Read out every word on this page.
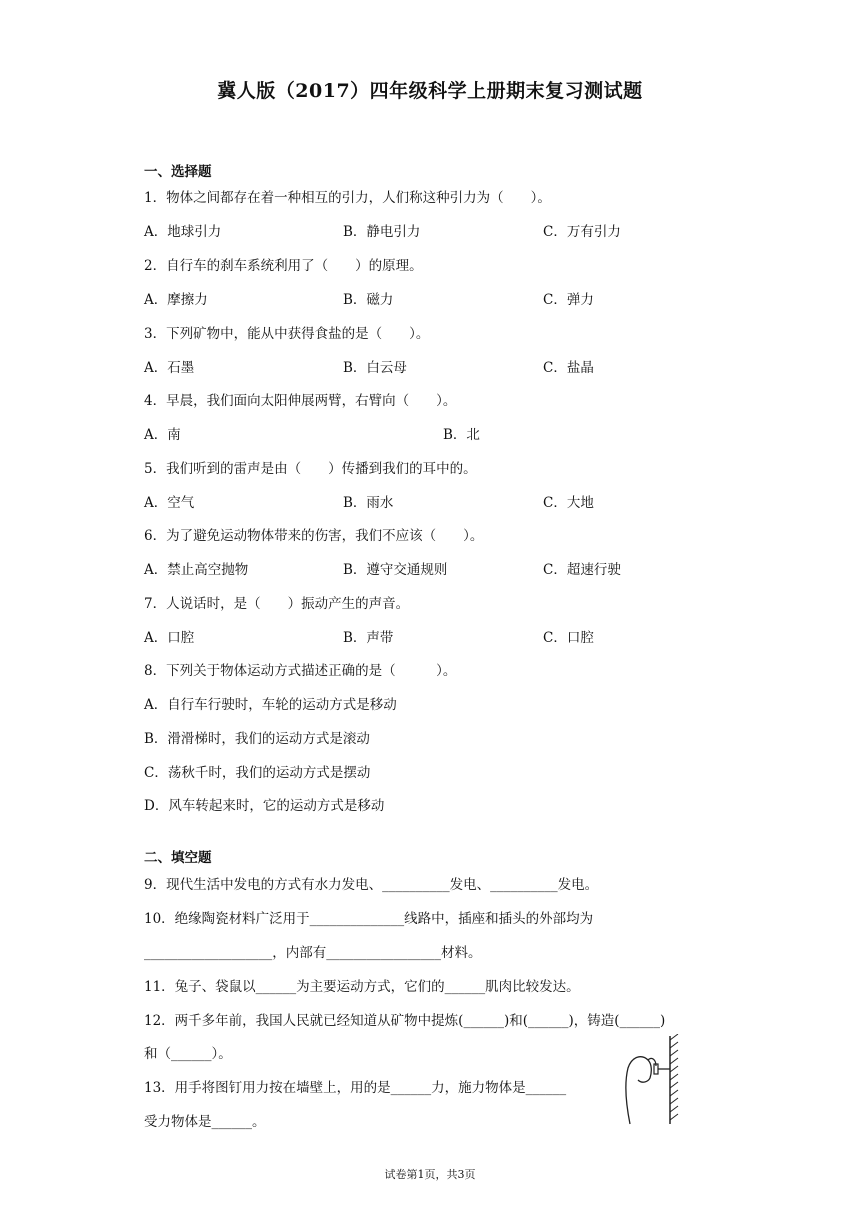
冀人版（2017）四年级科学上册期末复习测试题
一、选择题
1．物体之间都存在着一种相互的引力，人们称这种引力为（　　）。
A．地球引力	B．静电引力	C．万有引力
2．自行车的刹车系统利用了（　　）的原理。
A．摩擦力	B．磁力	C．弹力
3．下列矿物中，能从中获得食盐的是（　　）。
A．石墨	B．白云母	C．盐晶
4．早晨，我们面向太阳伸展两臂，右臂向（　　）。
A．南	B．北
5．我们听到的雷声是由（　　）传播到我们的耳中的。
A．空气	B．雨水	C．大地
6．为了避免运动物体带来的伤害，我们不应该（　　）。
A．禁止高空抛物	B．遵守交通规则	C．超速行驶
7．人说话时，是（　　）振动产生的声音。
A．口腔	B．声带	C．口腔
8．下列关于物体运动方式描述正确的是（　　　）。
A．自行车行驶时，车轮的运动方式是移动
B．滑滑梯时，我们的运动方式是滚动
C．荡秋千时，我们的运动方式是摆动
D．风车转起来时，它的运动方式是移动
二、填空题
9．现代生活中发电的方式有水力发电、__________发电、__________发电。
10．绝缘陶瓷材料广泛用于______________线路中，插座和插头的外部均为
___________________，内部有_________________材料。
11．兔子、袋鼠以______为主要运动方式，它们的______肌肉比较发达。
12．两千多年前，我国人民就已经知道从矿物中提炼(______)和(______)，铸造(______)
和（______）。
13．用手将图钉用力按在墙壁上，用的是______力，施力物体是______
受力物体是______。
试卷第1页，共3页
